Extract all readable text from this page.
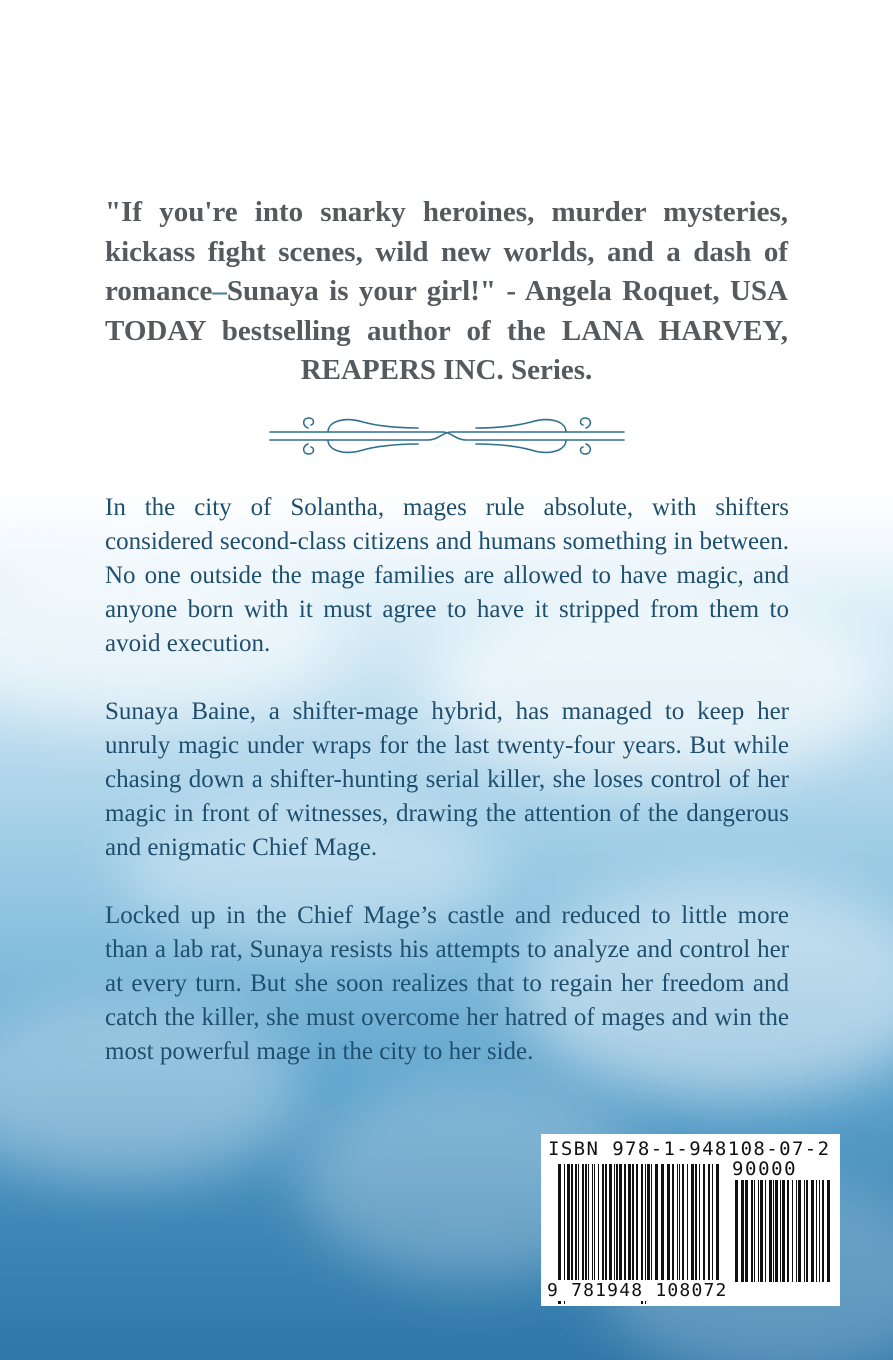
"If you're into snarky heroines, murder mysteries, kickass fight scenes, wild new worlds, and a dash of romance–Sunaya is your girl!" - Angela Roquet, USA TODAY bestselling author of the LANA HARVEY, REAPERS INC. Series.

In the city of Solantha, mages rule absolute, with shifters considered second-class citizens and humans something in between. No one outside the mage families are allowed to have magic, and anyone born with it must agree to have it stripped from them to avoid execution.

Sunaya Baine, a shifter-mage hybrid, has managed to keep her unruly magic under wraps for the last twenty-four years. But while chasing down a shifter-hunting serial killer, she loses control of her magic in front of witnesses, drawing the attention of the dangerous and enigmatic Chief Mage.

Locked up in the Chief Mage’s castle and reduced to little more than a lab rat, Sunaya resists his attempts to analyze and control her at every turn. But she soon realizes that to regain her freedom and catch the killer, she must overcome her hatred of mages and win the most powerful mage in the city to her side.

ISBN 978-1-948108-07-2
90000
9 781948 108072
